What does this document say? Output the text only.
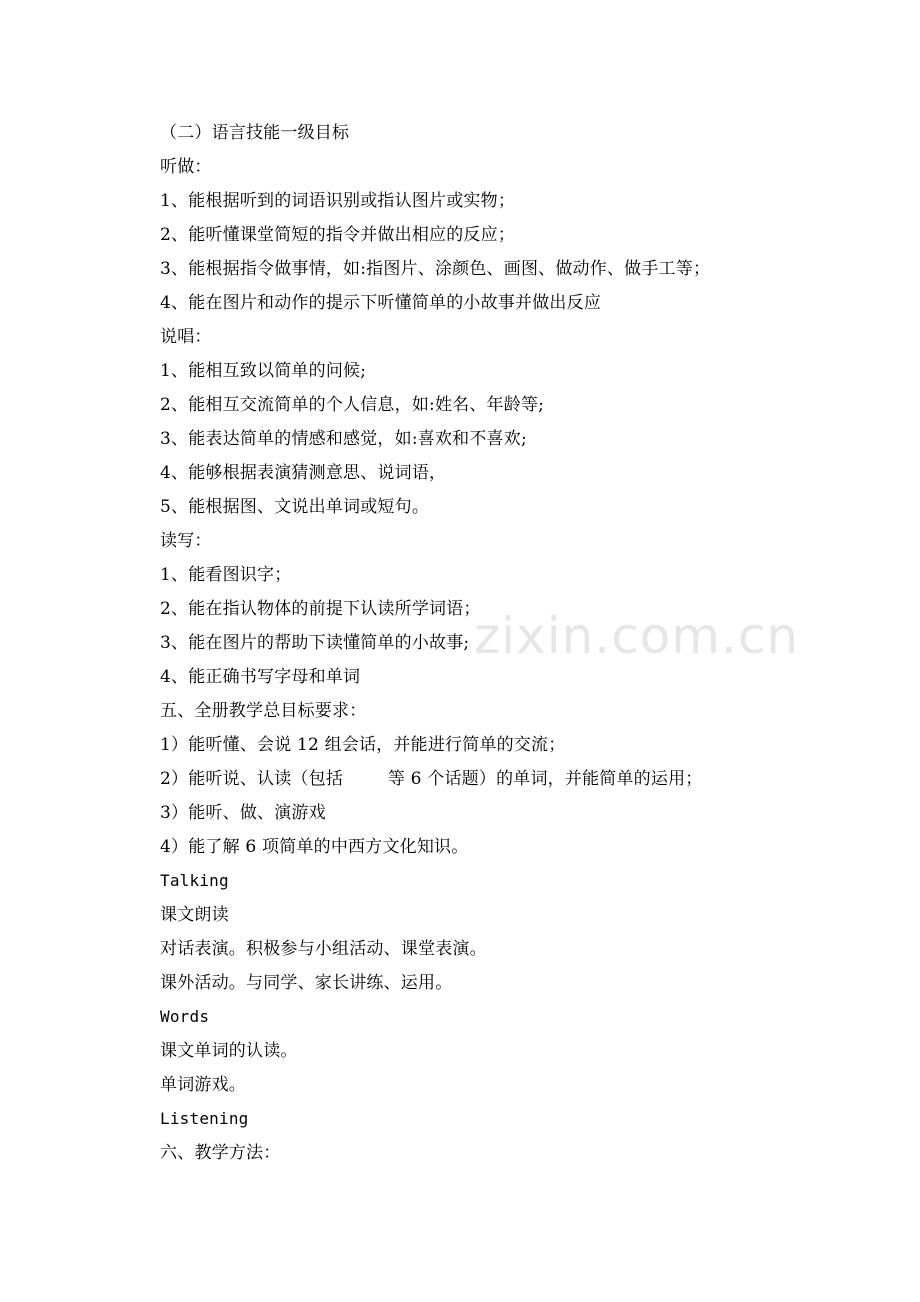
zixin.com.cn
（二）语言技能一级目标
听做：
1、能根据听到的词语识别或指认图片或实物；
2、能听懂课堂简短的指令并做出相应的反应；
3、能根据指令做事情，如:指图片、涂颜色、画图、做动作、做手工等；
4、能在图片和动作的提示下听懂简单的小故事并做出反应
说唱：
1、能相互致以简单的问候;
2、能相互交流简单的个人信息，如:姓名、年龄等;
3、能表达简单的情感和感觉，如:喜欢和不喜欢;
4、能够根据表演猜测意思、说词语，
5、能根据图、文说出单词或短句。
读写：
1、能看图识字；
2、能在指认物体的前提下认读所学词语；
3、能在图片的帮助下读懂简单的小故事;
4、能正确书写字母和单词
五、全册教学总目标要求：
1）能听懂、会说 12 组会话，并能进行简单的交流；
2）能听说、认读（包括        等 6 个话题）的单词，并能简单的运用；
3）能听、做、演游戏
4）能了解 6 项简单的中西方文化知识。
Talking
课文朗读
对话表演。积极参与小组活动、课堂表演。
课外活动。与同学、家长讲练、运用。
Words
课文单词的认读。
单词游戏。
Listening
六、教学方法：
